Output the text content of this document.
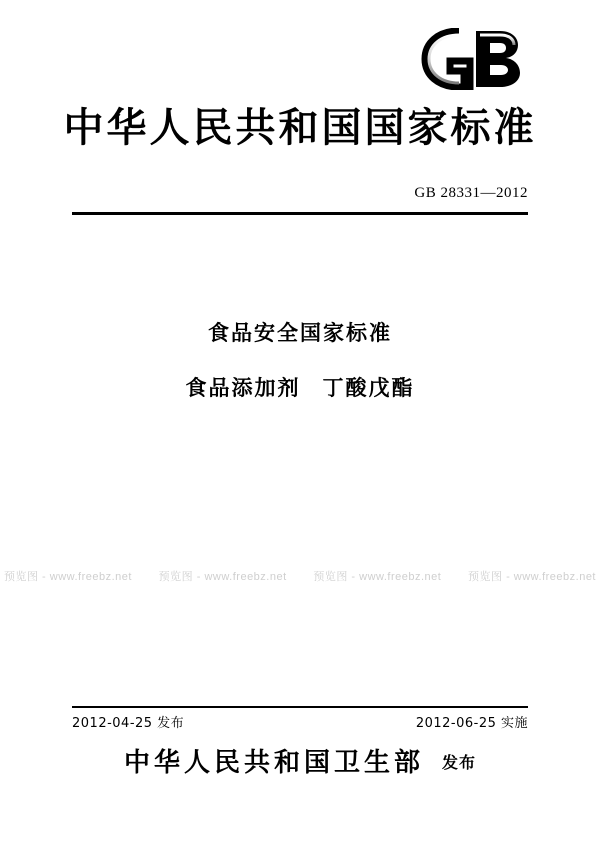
中华人民共和国国家标准
GB 28331—2012
食品安全国家标准
食品添加剂 丁酸戊酯
预览图 - www.freebz.net 预览图 - www.freebz.net 预览图 - www.freebz.net 预览图 - www.freebz.net
2012-04-25 发布	2012-06-25 实施
中华人民共和国卫生部 发布
